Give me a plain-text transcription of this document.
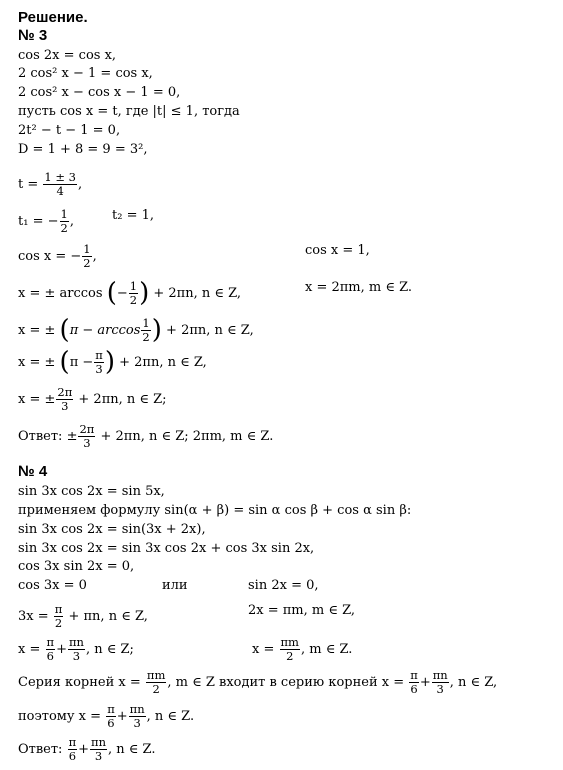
Решение.
№ 3
cos 2x = cos x,
2 cos² x − 1 = cos x,
2 cos² x − cos x − 1 = 0,
пусть cos x = t, где |t| ≤ 1, тогда
2t² − t − 1 = 0,
D = 1 + 8 = 9 = 3²,
$t = \frac{1 \pm 3}{4}$ ,
t₁ = − $\frac{1}{2}$ ,	t₂ = 1,
cos x = − $\frac{1}{2}$ ,	cos x = 1,
x = ± arccos (− $\frac{1}{2}$ ) + 2πn, n ∈ Z,	x = 2πm, m ∈ Z.
x = ± ($\pi - \arccos \frac{1}{2}$ ) + 2πn, n ∈ Z,
x = ± ($\pi - \frac{\pi}{3}$ ) + 2πn, n ∈ Z,
x = ± $\frac{2\pi}{3} + 2\pi n$, n ∈ Z;
Ответ: ± $\frac{2\pi}{3} + 2\pi n$, n ∈ Z; 2πm, m ∈ Z.
№ 4
sin 3x cos 2x = sin 5x,
применяем формулу sin(α + β) = sin α cos β + cos α sin β:
sin 3x cos 2x = sin(3x + 2x),
sin 3x cos 2x = sin 3x cos 2x + cos 3x sin 2x,
cos 3x sin 2x = 0,
cos 3x = 0	или	sin 2x = 0,
$3x = \frac{\pi}{2} + \pi n$, n ∈ Z,	2x = πm, m ∈ Z,
$x = \frac{\pi}{6} + \frac{\pi n}{3}$ , n ∈ Z;	$x = \frac{\pi m}{2}$ , m ∈ Z.
Серия корней $x = \frac{\pi m}{2}$ , m ∈ Z входит в серию корней $x = \frac{\pi}{6} + \frac{\pi n}{3}$ , n ∈ Z,
поэтому $x = \frac{\pi}{6} + \frac{\pi n}{3}$ , n ∈ Z.
Ответ: $\frac{\pi}{6} + \frac{\pi n}{3}$ , n ∈ Z.
